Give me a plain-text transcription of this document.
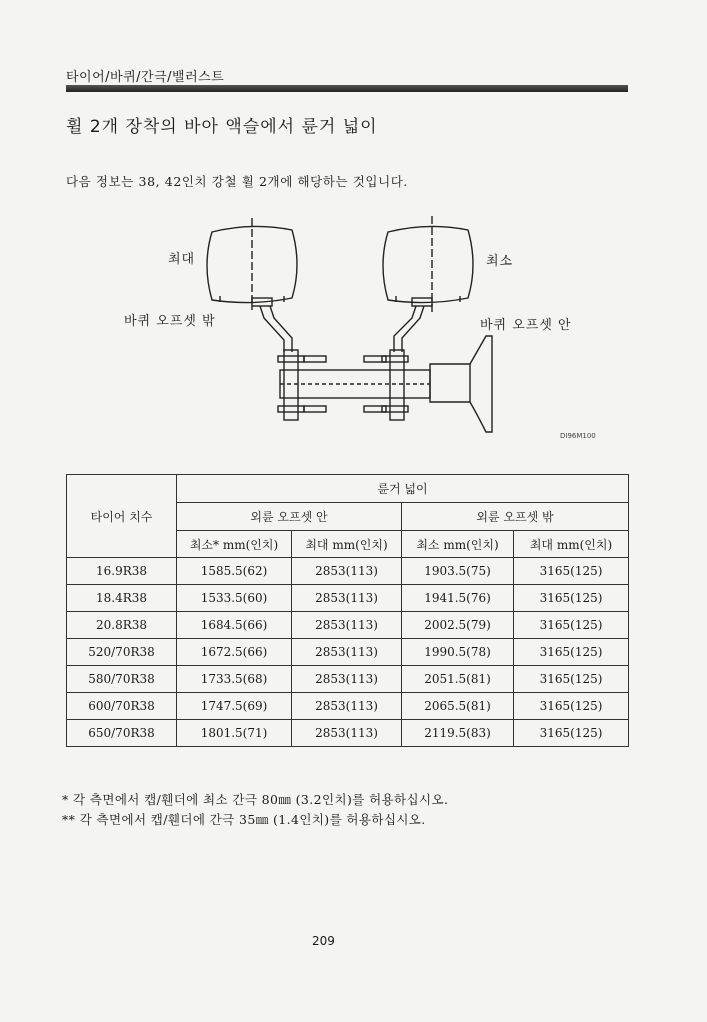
타이어/바퀴/간극/밸러스트
휠 2개 장착의 바아 액슬에서 륜거 넓이
다음 정보는 38, 42인치 강철 휠 2개에 해당하는 것입니다.
최대	최소
바퀴 오프셋 밖	바퀴 오프셋 안
DI96M100
타이어 치수	륜거 넓이			
	외륜 오프셋 안		외륜 오프셋 밖	
	최소* mm(인치)	최대 mm(인치)	최소 mm(인치)	최대 mm(인치)
16.9R38	1585.5(62)	2853(113)	1903.5(75)	3165(125)
18.4R38	1533.5(60)	2853(113)	1941.5(76)	3165(125)
20.8R38	1684.5(66)	2853(113)	2002.5(79)	3165(125)
520/70R38	1672.5(66)	2853(113)	1990.5(78)	3165(125)
580/70R38	1733.5(68)	2853(113)	2051.5(81)	3165(125)
600/70R38	1747.5(69)	2853(113)	2065.5(81)	3165(125)
650/70R38	1801.5(71)	2853(113)	2119.5(83)	3165(125)
* 각 측면에서 캡/휀더에 최소 간극 80㎜ (3.2인치)를 허용하십시오.
** 각 측면에서 캡/휀더에 간극 35㎜ (1.4인치)를 허용하십시오.
209
